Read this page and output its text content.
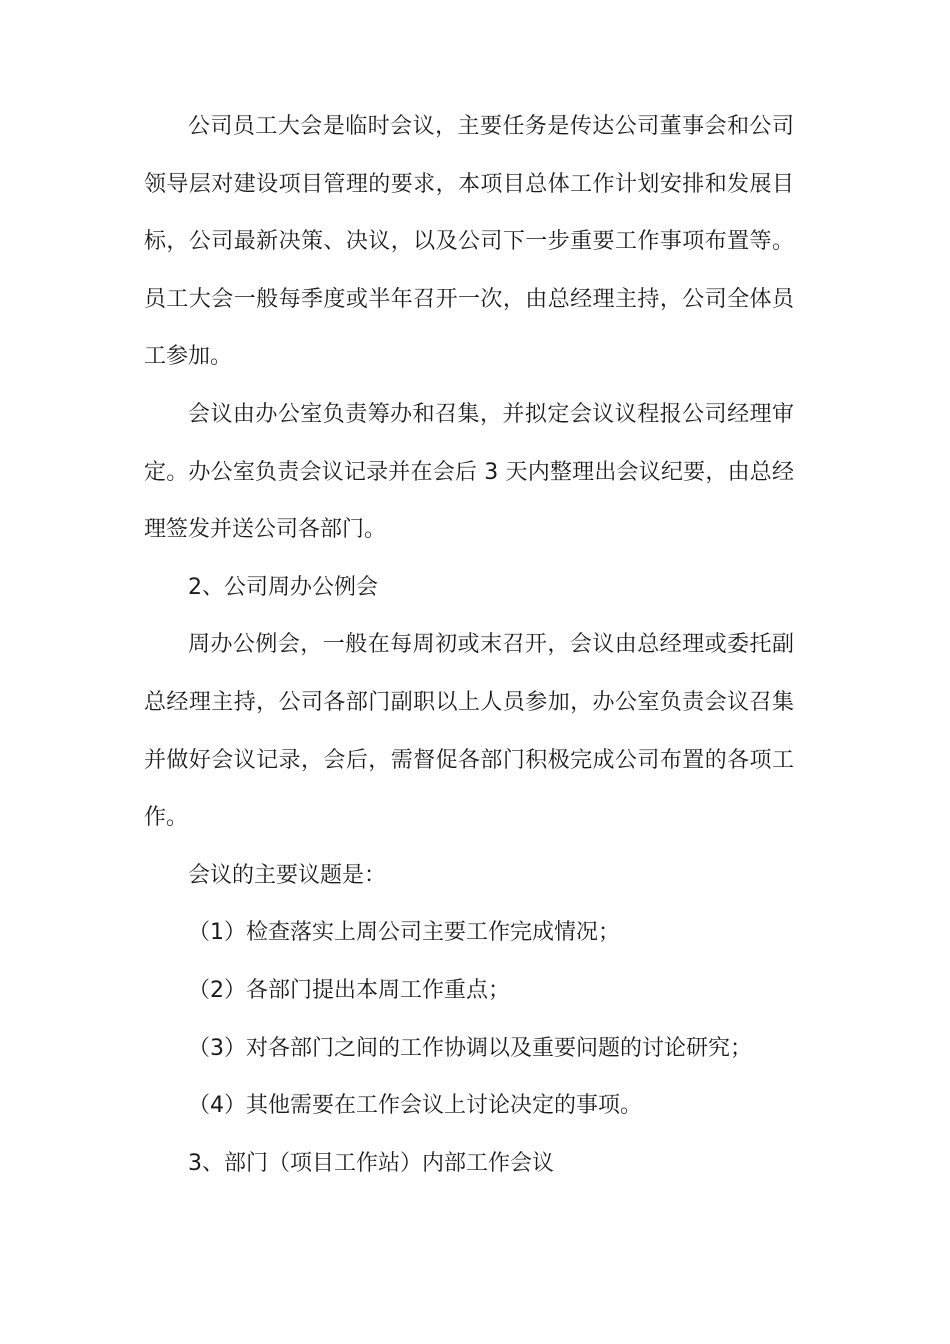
公司员工大会是临时会议，主要任务是传达公司董事会和公司领导层对建设项目管理的要求，本项目总体工作计划安排和发展目标，公司最新决策、决议，以及公司下一步重要工作事项布置等。员工大会一般每季度或半年召开一次，由总经理主持，公司全体员工参加。

会议由办公室负责筹办和召集，并拟定会议议程报公司经理审定。办公室负责会议记录并在会后 3 天内整理出会议纪要，由总经理签发并送公司各部门。

2、公司周办公例会

周办公例会，一般在每周初或末召开，会议由总经理或委托副总经理主持，公司各部门副职以上人员参加，办公室负责会议召集并做好会议记录，会后，需督促各部门积极完成公司布置的各项工作。

会议的主要议题是：

（1）检查落实上周公司主要工作完成情况；

（2）各部门提出本周工作重点；

（3）对各部门之间的工作协调以及重要问题的讨论研究；

（4）其他需要在工作会议上讨论决定的事项。

3、部门（项目工作站）内部工作会议
